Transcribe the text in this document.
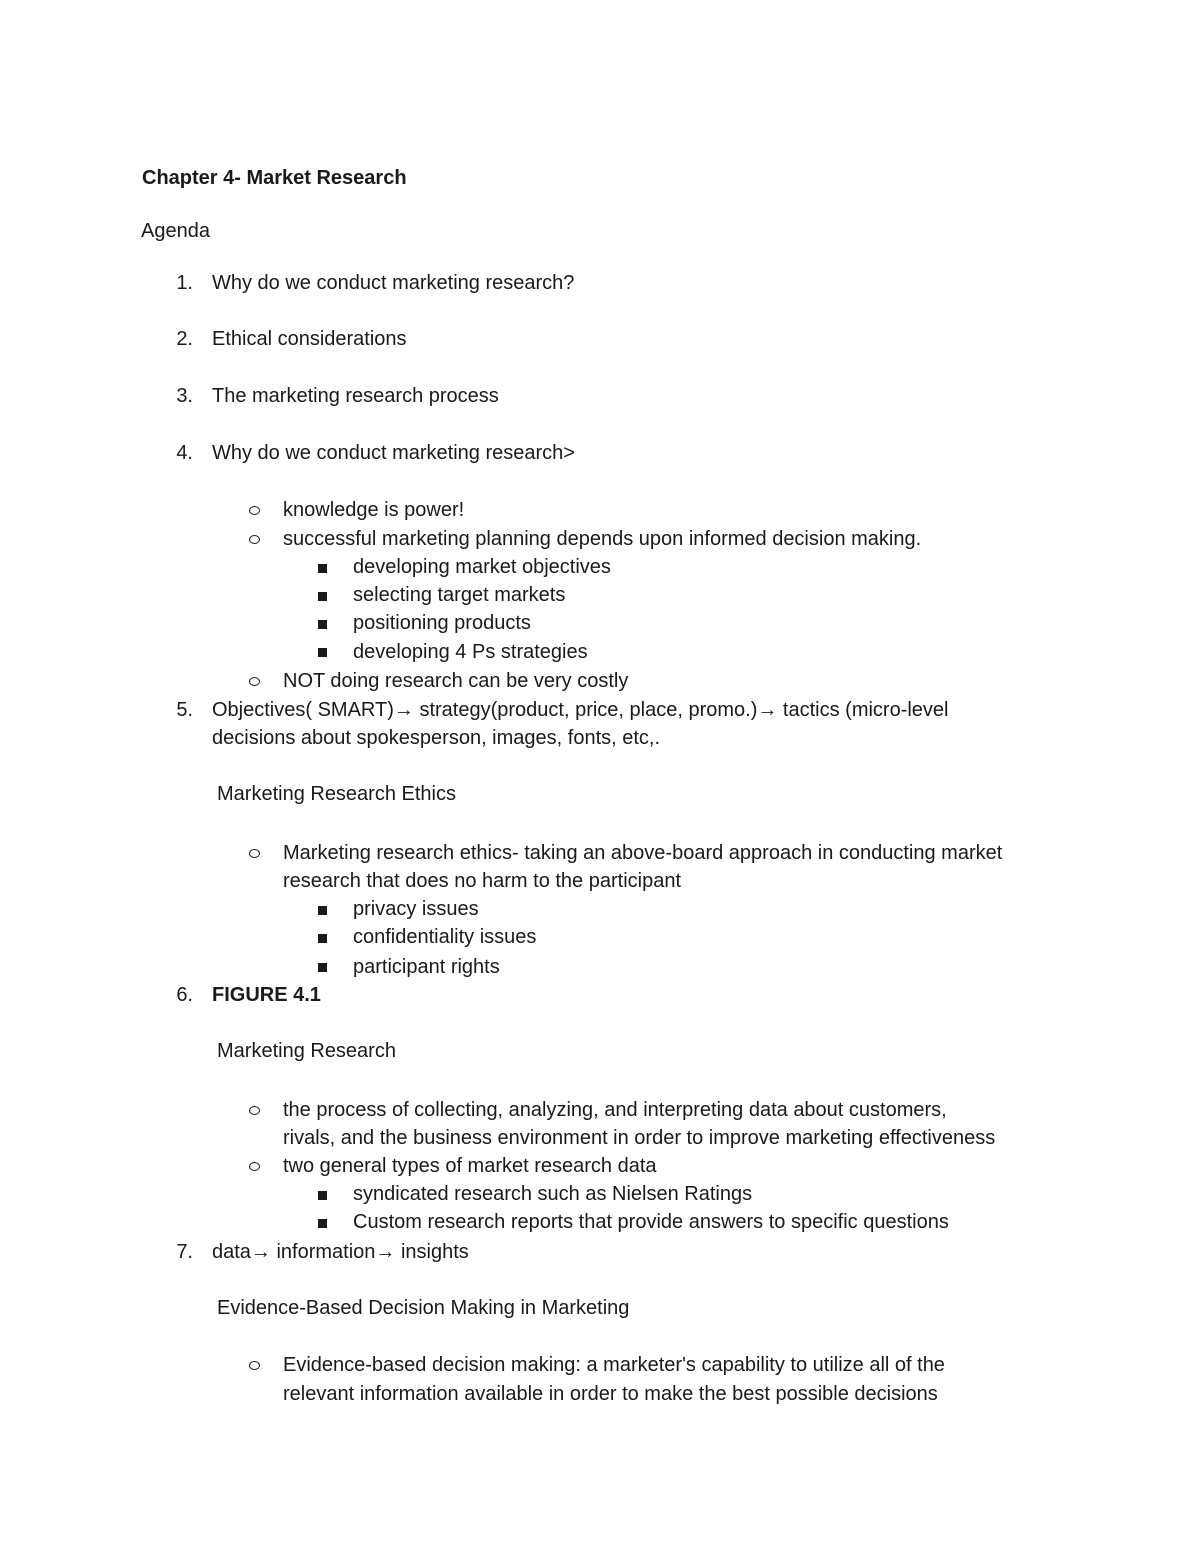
Chapter 4- Market Research
Agenda
1. Why do we conduct marketing research?
2. Ethical considerations
3. The marketing research process
4. Why do we conduct marketing research>
knowledge is power!
successful marketing planning depends upon informed decision making.
developing market objectives
selecting target markets
positioning products
developing 4 Ps strategies
NOT doing research can be very costly
5. Objectives( SMART)→ strategy(product, price, place, promo.)→ tactics (micro-level
decisions about spokesperson, images, fonts, etc,.
Marketing Research Ethics
Marketing research ethics- taking an above-board approach in conducting market
research that does no harm to the participant
privacy issues
confidentiality issues
participant rights
6. FIGURE 4.1
Marketing Research
the process of collecting, analyzing, and interpreting data about customers,
rivals, and the business environment in order to improve marketing effectiveness
two general types of market research data
syndicated research such as Nielsen Ratings
Custom research reports that provide answers to specific questions
7. data→ information→ insights
Evidence-Based Decision Making in Marketing
Evidence-based decision making: a marketer's capability to utilize all of the
relevant information available in order to make the best possible decisions
